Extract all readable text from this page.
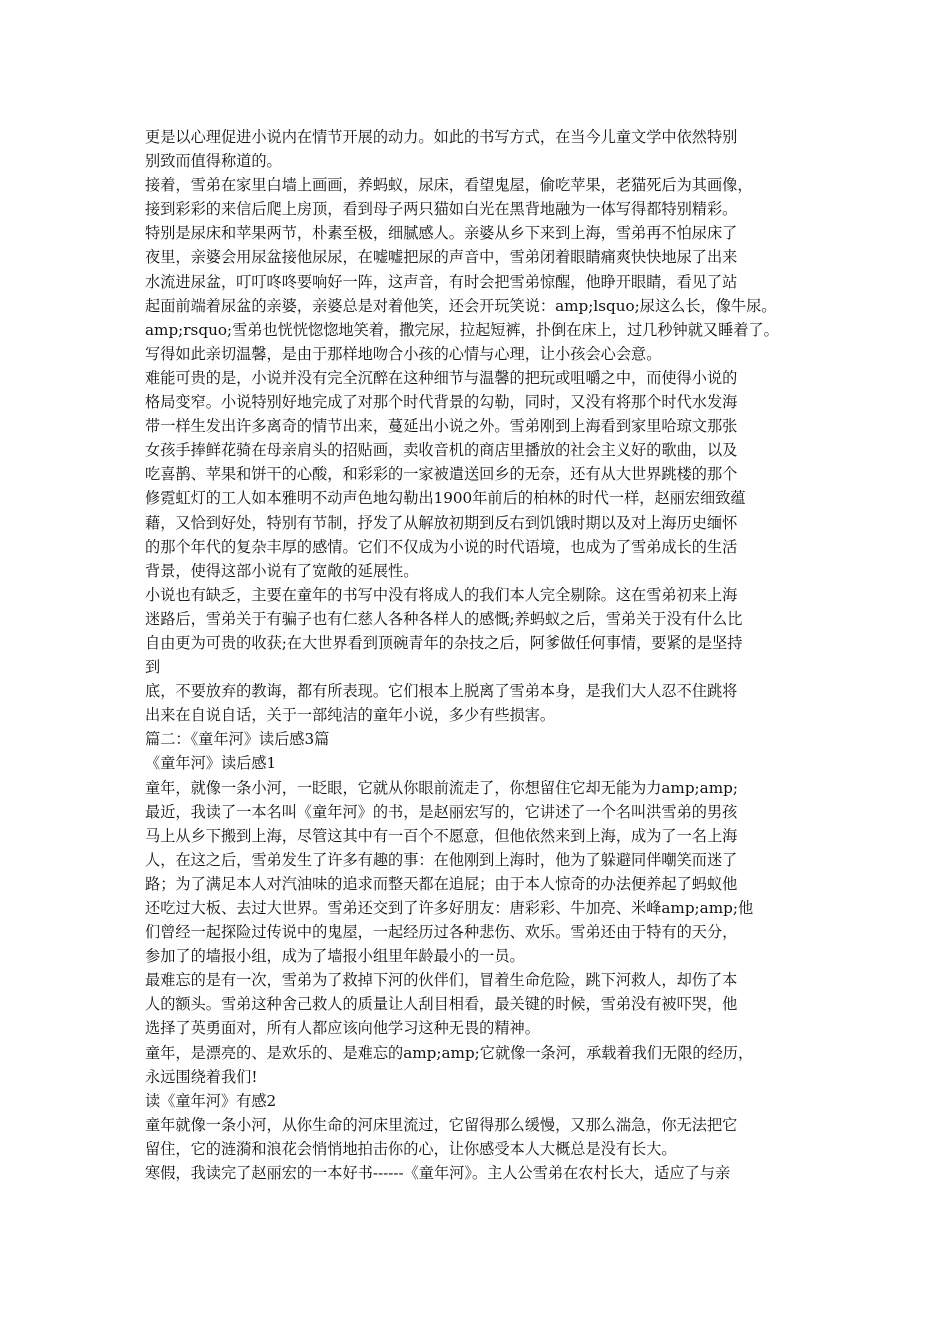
更是以心理促进小说内在情节开展的动力。如此的书写方式，在当今儿童文学中依然特别
别致而值得称道的。
接着，雪弟在家里白墙上画画，养蚂蚁，尿床，看望鬼屋，偷吃苹果，老猫死后为其画像，
接到彩彩的来信后爬上房顶，看到母子两只猫如白光在黑背地融为一体写得都特别精彩。
特别是尿床和苹果两节，朴素至极，细腻感人。亲婆从乡下来到上海，雪弟再不怕尿床了
夜里，亲婆会用尿盆接他尿尿，在嘘嘘把尿的声音中，雪弟闭着眼睛痛爽快快地尿了出来
水流进尿盆，叮叮咚咚要响好一阵，这声音，有时会把雪弟惊醒，他睁开眼睛，看见了站
起面前端着尿盆的亲婆，亲婆总是对着他笑，还会开玩笑说：amp;lsquo;尿这么长，像牛尿。
amp;rsquo;雪弟也恍恍惚惚地笑着，撒完尿，拉起短裤，扑倒在床上，过几秒钟就又睡着了。
写得如此亲切温馨，是由于那样地吻合小孩的心情与心理，让小孩会心会意。
难能可贵的是，小说并没有完全沉醉在这种细节与温馨的把玩或咀嚼之中，而使得小说的
格局变窄。小说特别好地完成了对那个时代背景的勾勒，同时，又没有将那个时代水发海
带一样生发出许多离奇的情节出来，蔓延出小说之外。雪弟刚到上海看到家里哈琼文那张
女孩手捧鲜花骑在母亲肩头的招贴画，卖收音机的商店里播放的社会主义好的歌曲，以及
吃喜鹊、苹果和饼干的心酸，和彩彩的一家被遣送回乡的无奈，还有从大世界跳楼的那个
修霓虹灯的工人如本雅明不动声色地勾勒出1900年前后的柏林的时代一样，赵丽宏细致蕴
藉，又恰到好处，特别有节制，抒发了从解放初期到反右到饥饿时期以及对上海历史缅怀
的那个年代的复杂丰厚的感情。它们不仅成为小说的时代语境，也成为了雪弟成长的生活
背景，使得这部小说有了宽敞的延展性。
小说也有缺乏，主要在童年的书写中没有将成人的我们本人完全剔除。这在雪弟初来上海
迷路后，雪弟关于有骗子也有仁慈人各种各样人的感慨;养蚂蚁之后，雪弟关于没有什么比
自由更为可贵的收获;在大世界看到顶碗青年的杂技之后，阿爹做任何事情，要紧的是坚持
到
底，不要放弃的教诲，都有所表现。它们根本上脱离了雪弟本身，是我们大人忍不住跳将
出来在自说自话，关于一部纯洁的童年小说，多少有些损害。
篇二：《童年河》读后感3篇
《童年河》读后感1
童年，就像一条小河，一眨眼，它就从你眼前流走了，你想留住它却无能为力amp;amp;
最近，我读了一本名叫《童年河》的书，是赵丽宏写的，它讲述了一个名叫洪雪弟的男孩
马上从乡下搬到上海，尽管这其中有一百个不愿意，但他依然来到上海，成为了一名上海
人，在这之后，雪弟发生了许多有趣的事：在他刚到上海时，他为了躲避同伴嘲笑而迷了
路；为了满足本人对汽油味的追求而整天都在追屁；由于本人惊奇的办法便养起了蚂蚁他
还吃过大板、去过大世界。雪弟还交到了许多好朋友：唐彩彩、牛加亮、米峰amp;amp;他
们曾经一起探险过传说中的鬼屋，一起经历过各种悲伤、欢乐。雪弟还由于特有的天分，
参加了的墙报小组，成为了墙报小组里年龄最小的一员。
最难忘的是有一次，雪弟为了救掉下河的伙伴们，冒着生命危险，跳下河救人，却伤了本
人的额头。雪弟这种舍己救人的质量让人刮目相看，最关键的时候，雪弟没有被吓哭，他
选择了英勇面对，所有人都应该向他学习这种无畏的精神。
童年，是漂亮的、是欢乐的、是难忘的amp;amp;它就像一条河，承载着我们无限的经历，
永远围绕着我们!
读《童年河》有感2
童年就像一条小河，从你生命的河床里流过，它留得那么缓慢，又那么湍急，你无法把它
留住，它的涟漪和浪花会悄悄地拍击你的心，让你感受本人大概总是没有长大。
寒假，我读完了赵丽宏的一本好书------《童年河》。主人公雪弟在农村长大，适应了与亲
